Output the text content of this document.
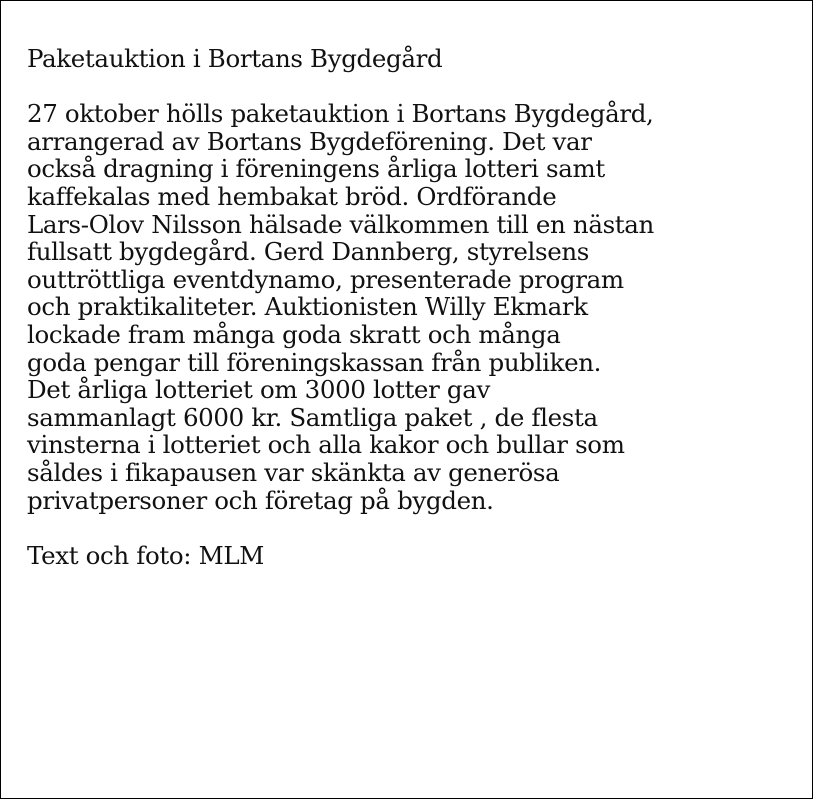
Paketauktion i Bortans Bygdegård

27 oktober hölls paketauktion i Bortans Bygdegård,
arrangerad av Bortans Bygdeförening. Det var
också dragning i föreningens årliga lotteri samt
kaffekalas med hembakat bröd. Ordförande
Lars-Olov Nilsson hälsade välkommen till en nästan
fullsatt bygdegård. Gerd Dannberg, styrelsens
outtröttliga eventdynamo, presenterade program
och praktikaliteter. Auktionisten Willy Ekmark
lockade fram många goda skratt och många
goda pengar till föreningskassan från publiken.
Det årliga lotteriet om 3000 lotter gav
sammanlagt 6000 kr. Samtliga paket , de flesta
vinsterna i lotteriet och alla kakor och bullar som
såldes i fikapausen var skänkta av generösa
privatpersoner och företag på bygden.

Text och foto: MLM
